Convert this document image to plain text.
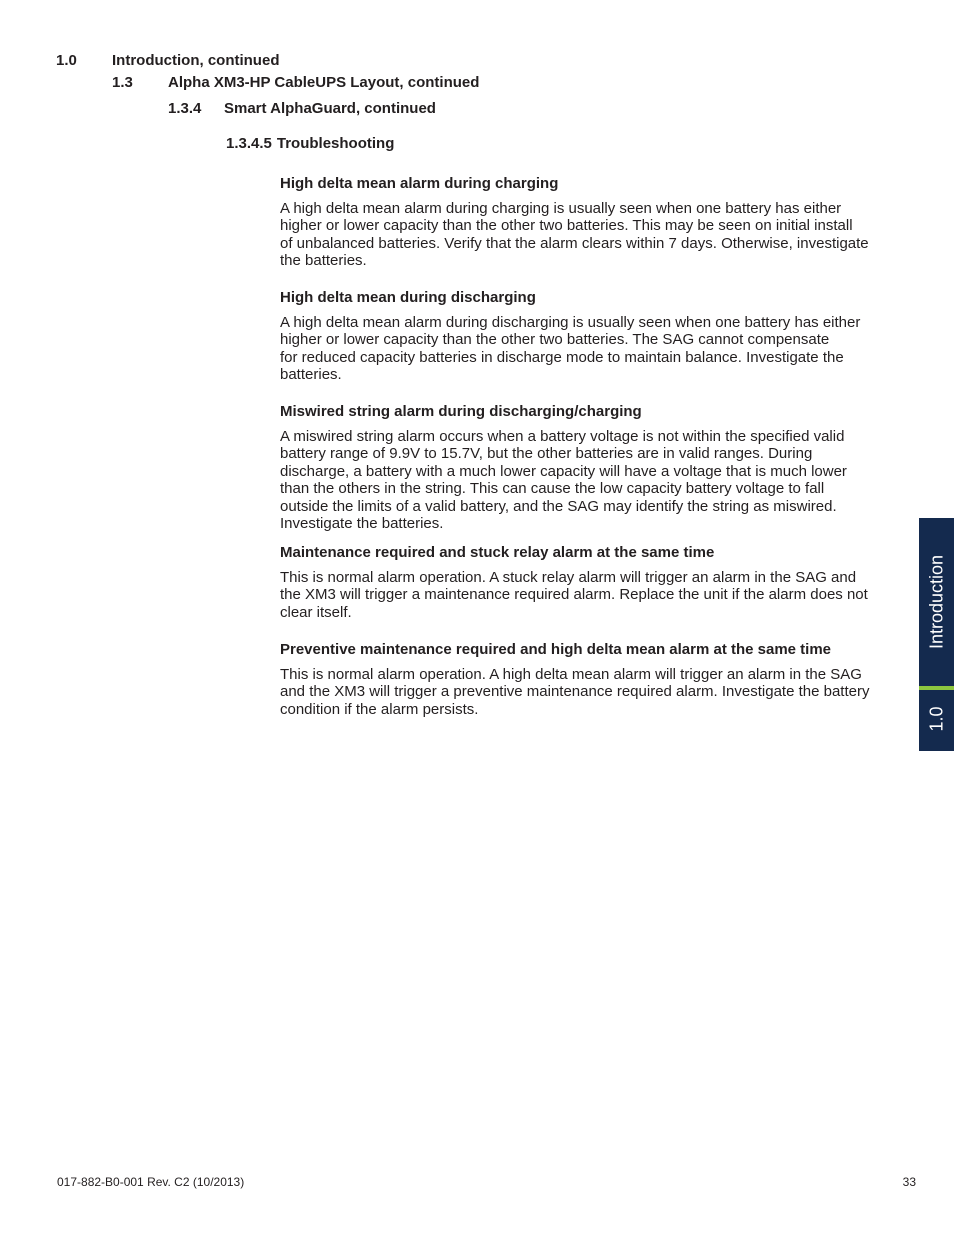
1.0 Introduction, continued
1.3 Alpha XM3-HP CableUPS Layout, continued
1.3.4 Smart AlphaGuard, continued
1.3.4.5 Troubleshooting
High delta mean alarm during charging

A high delta mean alarm during charging is usually seen when one battery has either
higher or lower capacity than the other two batteries. This may be seen on initial install
of unbalanced batteries. Verify that the alarm clears within 7 days. Otherwise, investigate
the batteries.

High delta mean during discharging

A high delta mean alarm during discharging is usually seen when one battery has either
higher or lower capacity than the other two batteries. The SAG cannot compensate
for reduced capacity batteries in discharge mode to maintain balance. Investigate the
batteries.

Miswired string alarm during discharging/charging

A miswired string alarm occurs when a battery voltage is not within the specified valid
battery range of 9.9V to 15.7V, but the other batteries are in valid ranges. During
discharge, a battery with a much lower capacity will have a voltage that is much lower
than the others in the string. This can cause the low capacity battery voltage to fall
outside the limits of a valid battery, and the SAG may identify the string as miswired.
Investigate the batteries.

Maintenance required and stuck relay alarm at the same time

This is normal alarm operation. A stuck relay alarm will trigger an alarm in the SAG and
the XM3 will trigger a maintenance required alarm. Replace the unit if the alarm does not
clear itself.

Preventive maintenance required and high delta mean alarm at the same time

This is normal alarm operation. A high delta mean alarm will trigger an alarm in the SAG
and the XM3 will trigger a preventive maintenance required alarm. Investigate the battery
condition if the alarm persists.

Introduction
1.0
017-882-B0-001 Rev. C2 (10/2013)	33
